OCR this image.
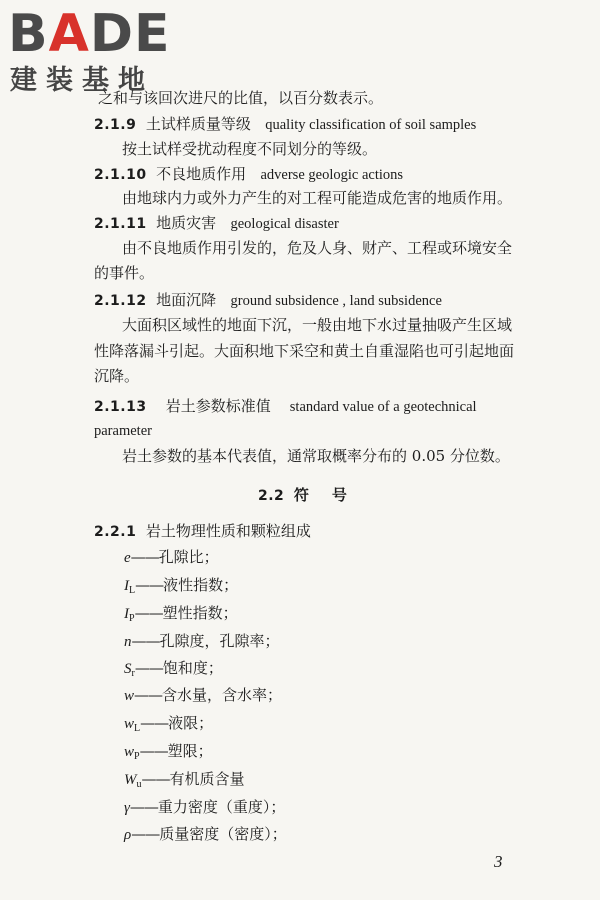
BADE
建装基地
之和与该回次进尺的比值，以百分数表示。
2.1.9 土试样质量等级 quality classification of soil samples
按土试样受扰动程度不同划分的等级。
2.1.10 不良地质作用 adverse geologic actions
由地球内力或外力产生的对工程可能造成危害的地质作用。
2.1.11 地质灾害 geological disaster
由不良地质作用引发的，危及人身、财产、工程或环境安全
的事件。
2.1.12 地面沉降 ground subsidence , land subsidence
大面积区域性的地面下沉，一般由地下水过量抽吸产生区域
性降落漏斗引起。大面积地下采空和黄土自重湿陷也可引起地面
沉降。
2.1.13 岩土参数标准值 standard value of a geotechnical
parameter
岩土参数的基本代表值，通常取概率分布的 0.05 分位数。
2.2 符　号
2.2.1 岩土物理性质和颗粒组成
e——孔隙比；
$I_L——$液性指数；
$I_P——$塑性指数；
n——孔隙度，孔隙率；
$S_r——$饱和度；
w——含水量，含水率；
$w_L——$液限；
$w_P——$塑限；
$W_u——$有机质含量
γ——重力密度（重度）；
ρ——质量密度（密度）；
3
